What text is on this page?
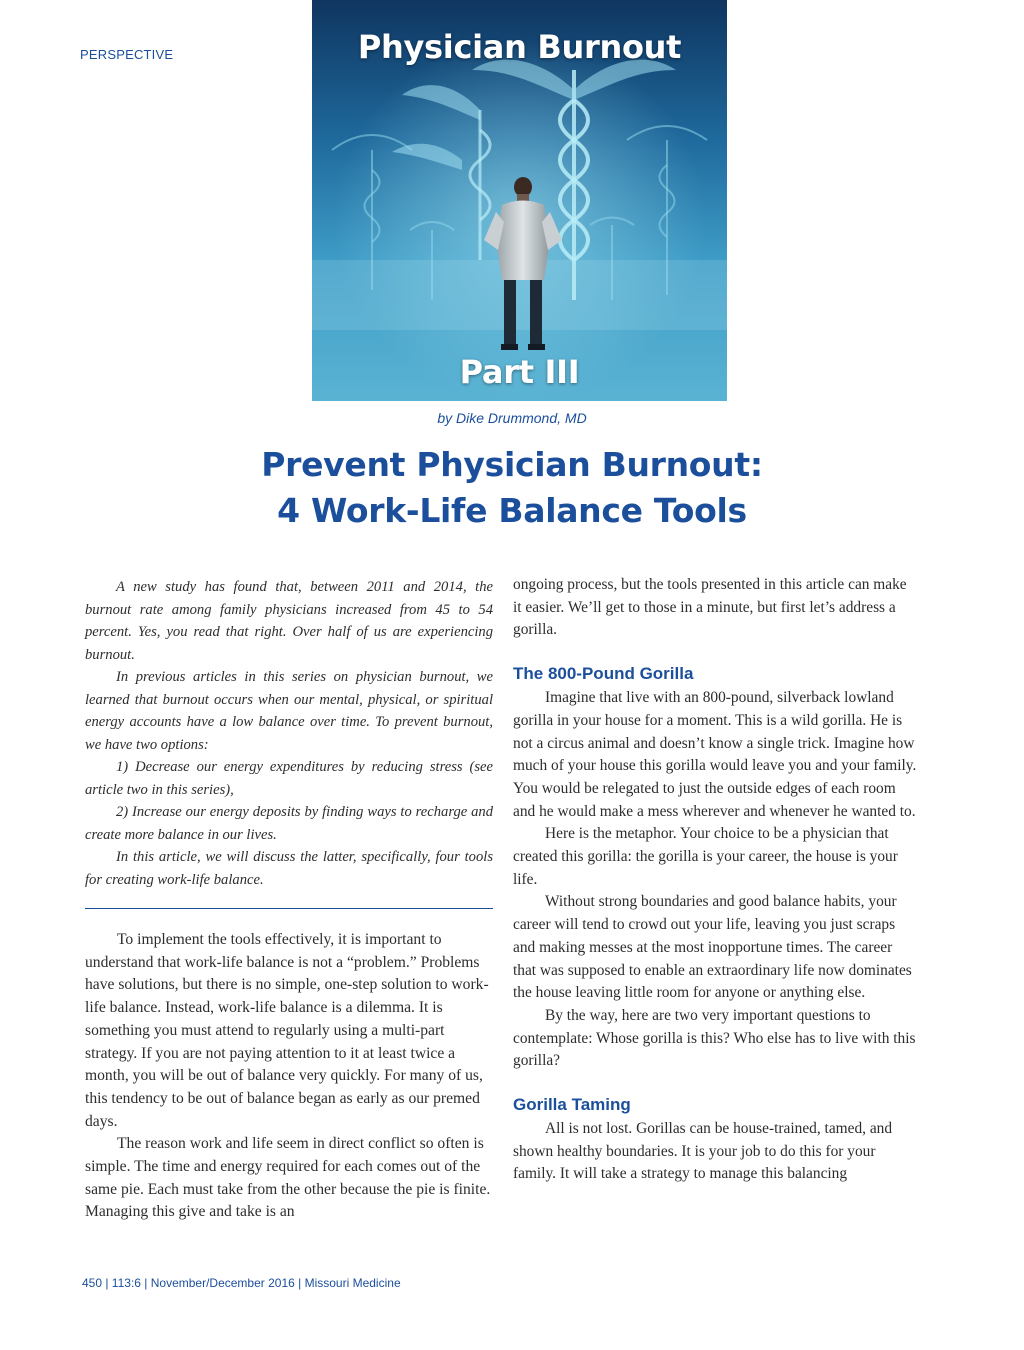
PERSPECTIVE	Physician Burnout
Part III
by Dike Drummond, MD
Prevent Physician Burnout:
4 Work-Life Balance Tools

A new study has found that, between 2011 and 2014, the burnout rate among family physicians increased from 45 to 54 percent. Yes, you read that right. Over half of us are experiencing burnout.

In previous articles in this series on physician burnout, we learned that burnout occurs when our mental, physical, or spiritual energy accounts have a low balance over time. To prevent burnout, we have two options:

1) Decrease our energy expenditures by reducing stress (see article two in this series),

2) Increase our energy deposits by finding ways to recharge and create more balance in our lives.

In this article, we will discuss the latter, specifically, four tools for creating work-life balance.

To implement the tools effectively, it is important to understand that work-life balance is not a “problem.” Problems have solutions, but there is no simple, one-step solution to work-life balance. Instead, work-life balance is a dilemma. It is something you must attend to regularly using a multi-part strategy. If you are not paying attention to it at least twice a month, you will be out of balance very quickly. For many of us, this tendency to be out of balance began as early as our premed days.

The reason work and life seem in direct conflict so often is simple. The time and energy required for each comes out of the same pie. Each must take from the other because the pie is finite. Managing this give and take is an

ongoing process, but the tools presented in this article can make it easier. We’ll get to those in a minute, but first let’s address a gorilla.

The 800-Pound Gorilla

Imagine that live with an 800-pound, silverback lowland gorilla in your house for a moment. This is a wild gorilla. He is not a circus animal and doesn’t know a single trick. Imagine how much of your house this gorilla would leave you and your family. You would be relegated to just the outside edges of each room and he would make a mess wherever and whenever he wanted to.

Here is the metaphor. Your choice to be a physician that created this gorilla: the gorilla is your career, the house is your life.

Without strong boundaries and good balance habits, your career will tend to crowd out your life, leaving you just scraps and making messes at the most inopportune times. The career that was supposed to enable an extraordinary life now dominates the house leaving little room for anyone or anything else.

By the way, here are two very important questions to contemplate: Whose gorilla is this? Who else has to live with this gorilla?

Gorilla Taming

All is not lost. Gorillas can be house-trained, tamed, and shown healthy boundaries. It is your job to do this for your family. It will take a strategy to manage this balancing

450 | 113:6 | November/December 2016 | Missouri Medicine
